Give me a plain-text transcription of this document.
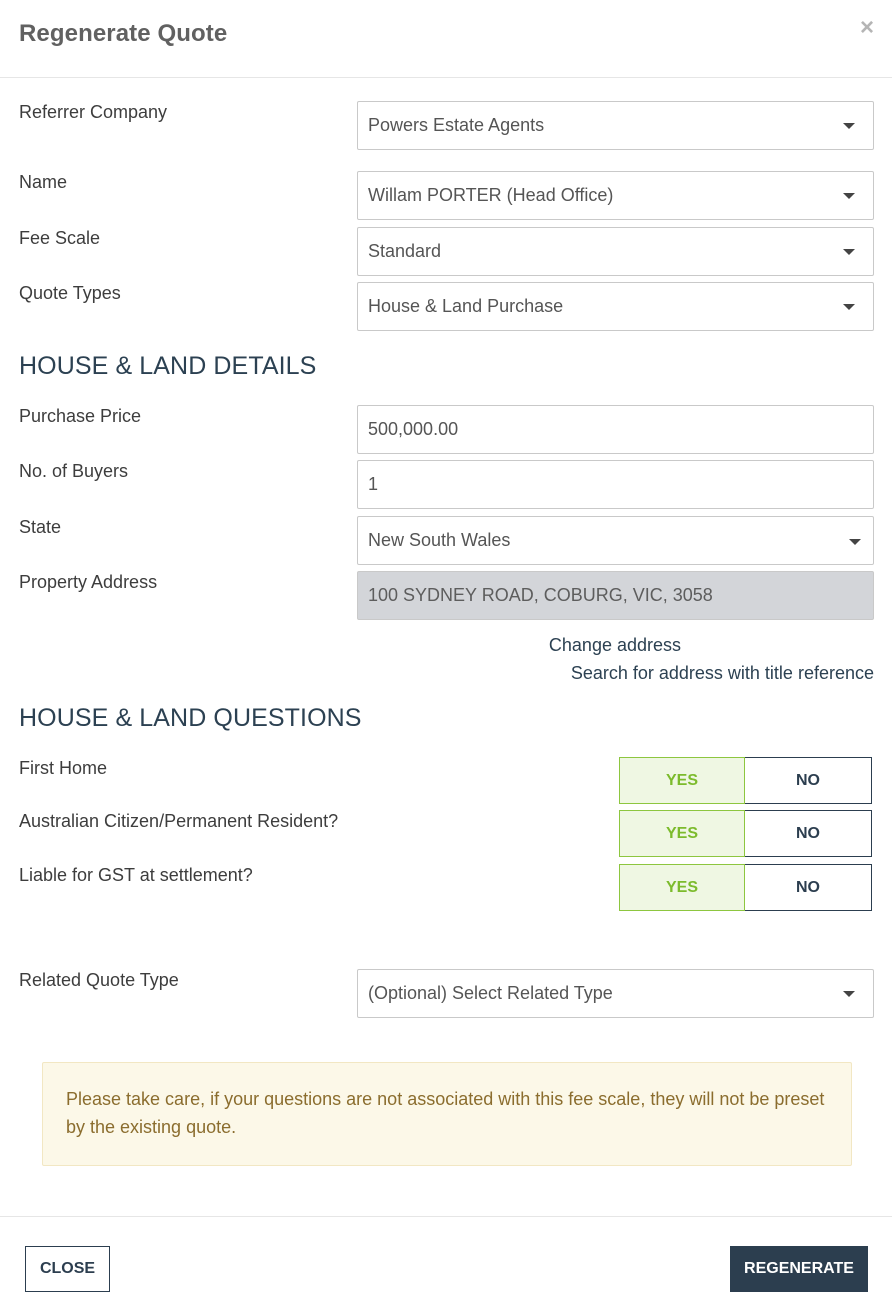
Regenerate Quote	×
Referrer Company
Powers Estate Agents
Name
Willam PORTER (Head Office)
Fee Scale
Standard
Quote Types
House & Land Purchase
HOUSE & LAND DETAILS
Purchase Price
500,000.00
No. of Buyers
1
State
New South Wales
Property Address
100 SYDNEY ROAD, COBURG, VIC, 3058
Change address
Search for address with title reference
HOUSE & LAND QUESTIONS
First Home
YES	NO
Australian Citizen/Permanent Resident?
YES	NO
Liable for GST at settlement?
YES	NO
Related Quote Type
(Optional) Select Related Type
Please take care, if your questions are not associated with this fee scale, they will not be preset by the existing quote.
CLOSE	REGENERATE
